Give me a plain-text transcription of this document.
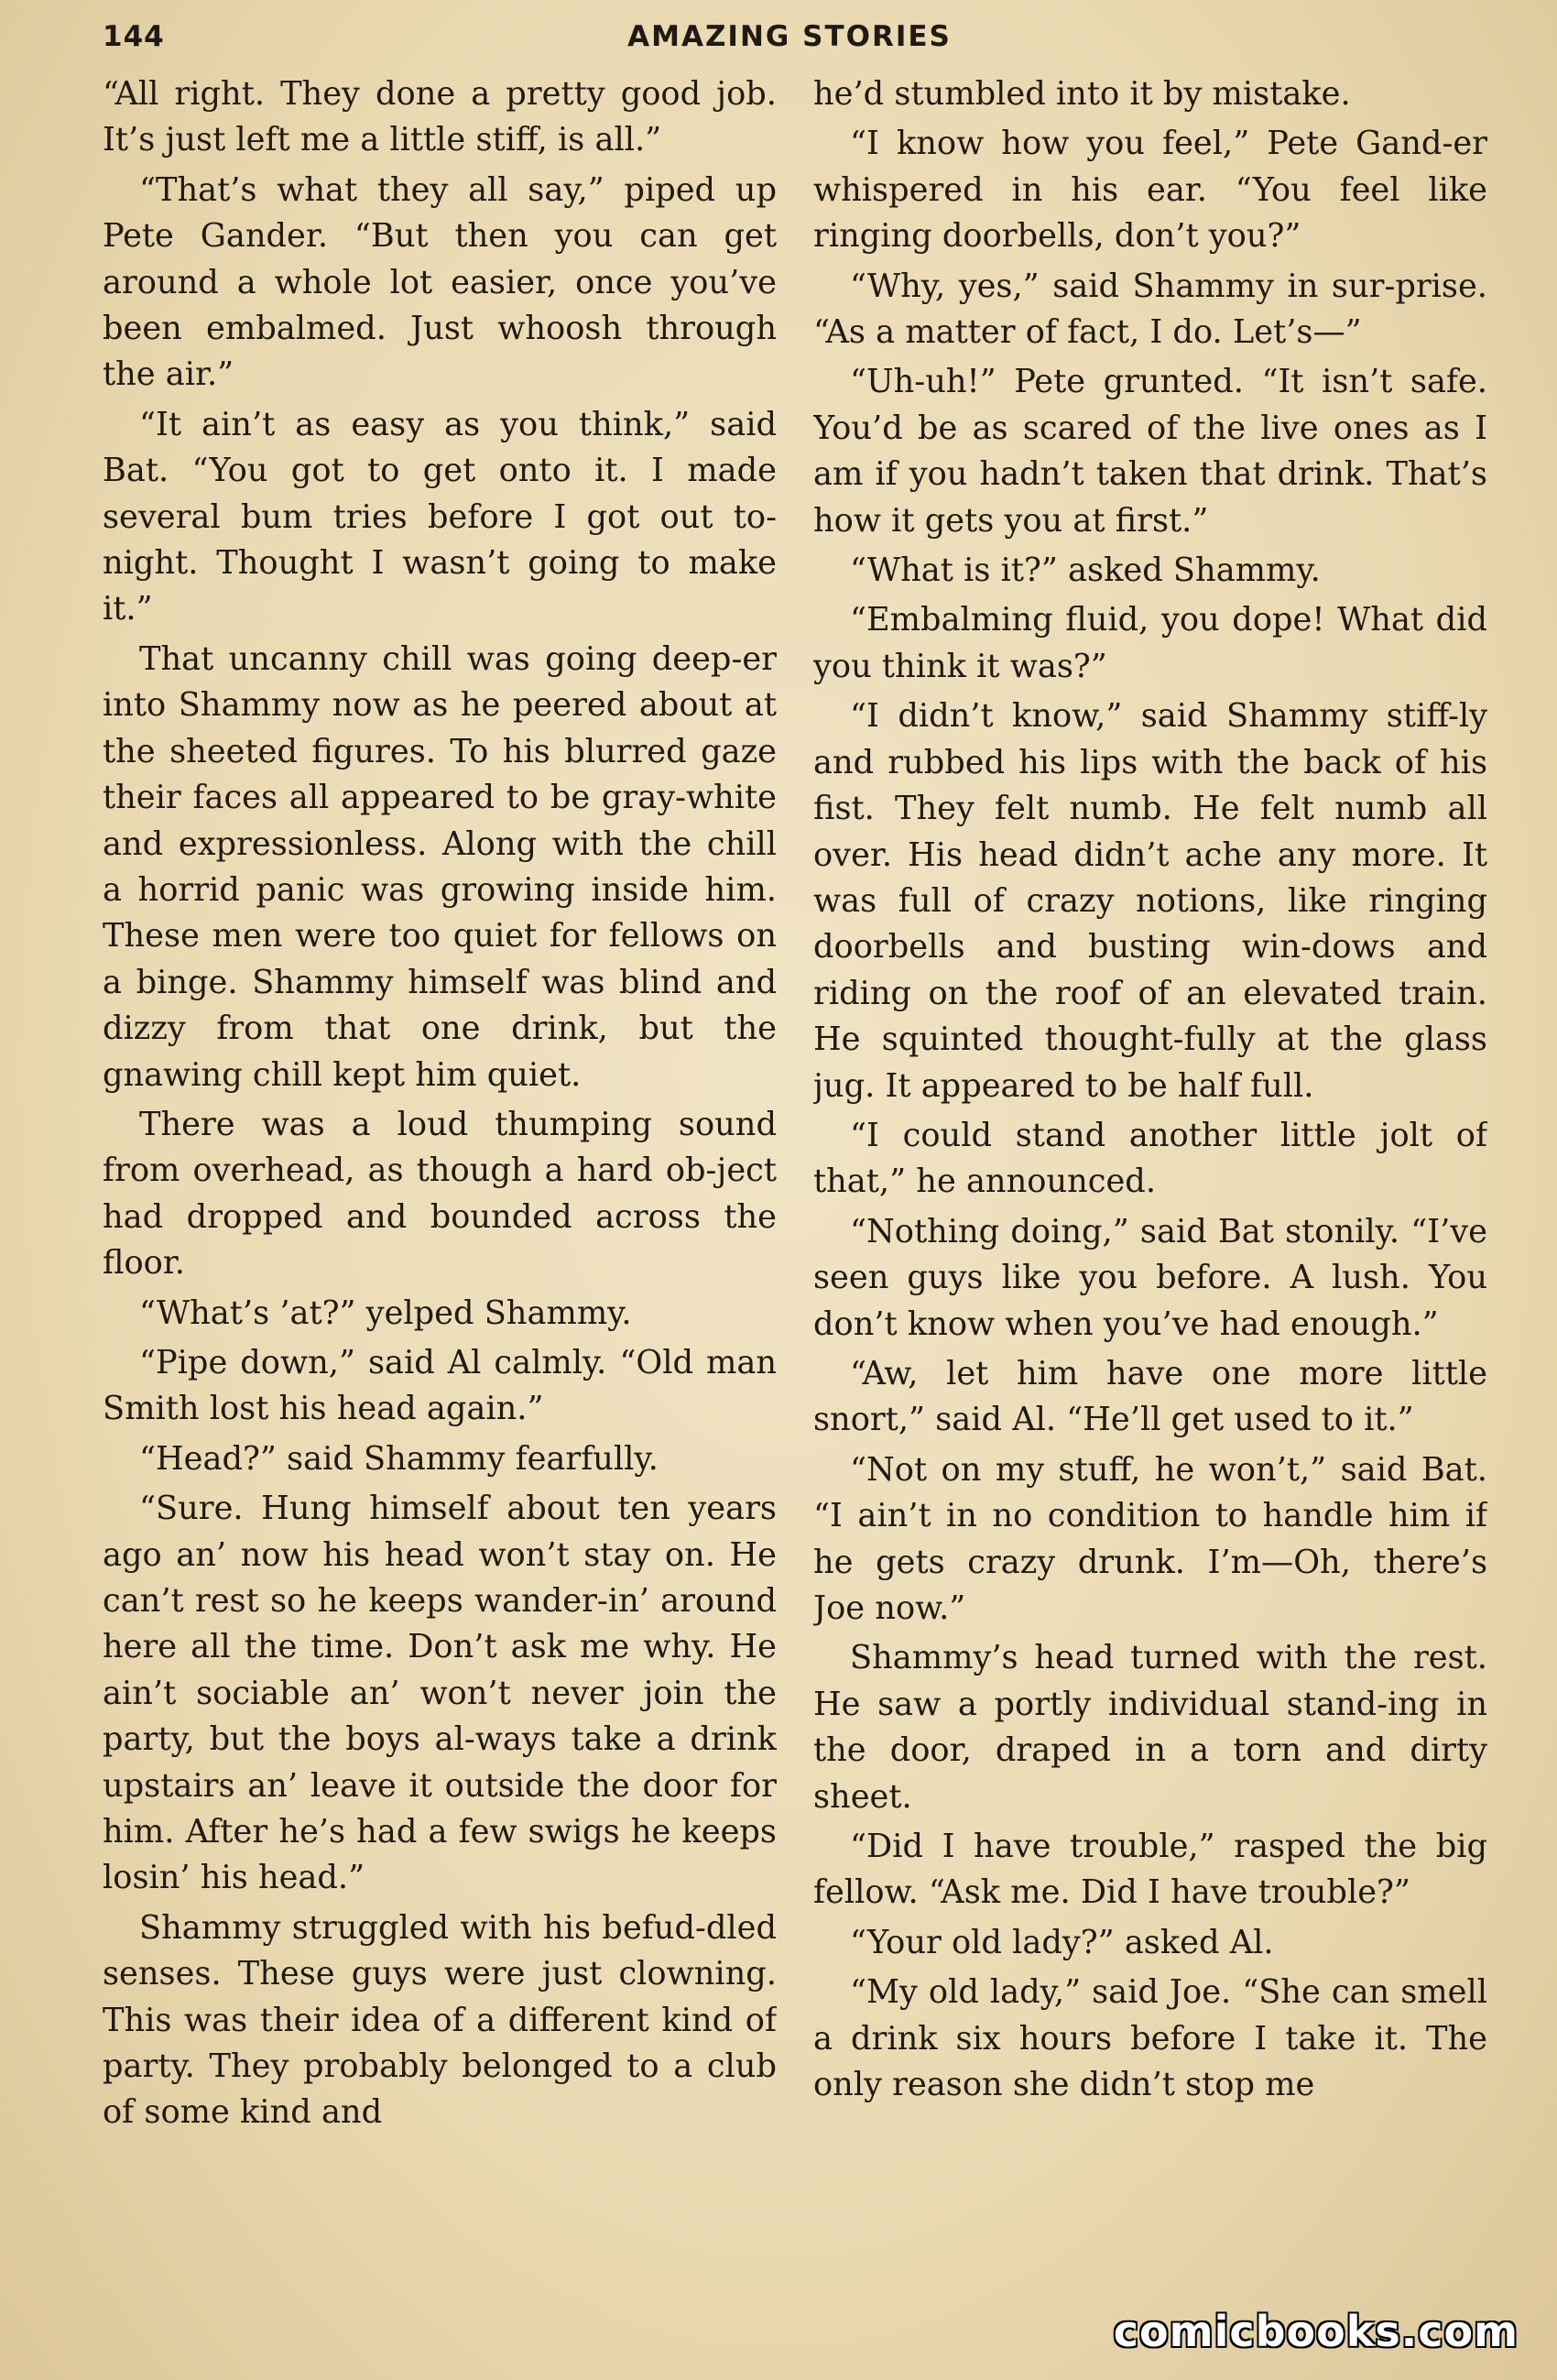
144	AMAZING STORIES

“All right. They done a pretty good job. It’s just left me a little stiff, is all.”

“That’s what they all say,” piped up Pete Gander. “But then you can get around a whole lot easier, once you’ve been embalmed. Just whoosh through the air.”

“It ain’t as easy as you think,” said Bat. “You got to get onto it. I made several bum tries before I got out to-night. Thought I wasn’t going to make it.”

That uncanny chill was going deep-er into Shammy now as he peered about at the sheeted figures. To his blurred gaze their faces all appeared to be gray-white and expressionless. Along with the chill a horrid panic was growing inside him. These men were too quiet for fellows on a binge. Shammy himself was blind and dizzy from that one drink, but the gnawing chill kept him quiet.

There was a loud thumping sound from overhead, as though a hard ob-ject had dropped and bounded across the floor.

“What’s ’at?” yelped Shammy.

“Pipe down,” said Al calmly. “Old man Smith lost his head again.”

“Head?” said Shammy fearfully.

“Sure. Hung himself about ten years ago an’ now his head won’t stay on. He can’t rest so he keeps wander-in’ around here all the time. Don’t ask me why. He ain’t sociable an’ won’t never join the party, but the boys al-ways take a drink upstairs an’ leave it outside the door for him. After he’s had a few swigs he keeps losin’ his head.”

Shammy struggled with his befud-dled senses. These guys were just clowning. This was their idea of a different kind of party. They probably belonged to a club of some kind and

he’d stumbled into it by mistake.

“I know how you feel,” Pete Gand-er whispered in his ear. “You feel like ringing doorbells, don’t you?”

“Why, yes,” said Shammy in sur-prise. “As a matter of fact, I do. Let’s—”

“Uh-uh!” Pete grunted. “It isn’t safe. You’d be as scared of the live ones as I am if you hadn’t taken that drink. That’s how it gets you at first.”

“What is it?” asked Shammy.

“Embalming fluid, you dope! What did you think it was?”

“I didn’t know,” said Shammy stiff-ly and rubbed his lips with the back of his fist. They felt numb. He felt numb all over. His head didn’t ache any more. It was full of crazy notions, like ringing doorbells and busting win-dows and riding on the roof of an elevated train. He squinted thought-fully at the glass jug. It appeared to be half full.

“I could stand another little jolt of that,” he announced.

“Nothing doing,” said Bat stonily. “I’ve seen guys like you before. A lush. You don’t know when you’ve had enough.”

“Aw, let him have one more little snort,” said Al. “He’ll get used to it.”

“Not on my stuff, he won’t,” said Bat. “I ain’t in no condition to handle him if he gets crazy drunk. I’m—Oh, there’s Joe now.”

Shammy’s head turned with the rest. He saw a portly individual stand-ing in the door, draped in a torn and dirty sheet.

“Did I have trouble,” rasped the big fellow. “Ask me. Did I have trouble?”

“Your old lady?” asked Al.

“My old lady,” said Joe. “She can smell a drink six hours before I take it. The only reason she didn’t stop me

comicbooks.com
